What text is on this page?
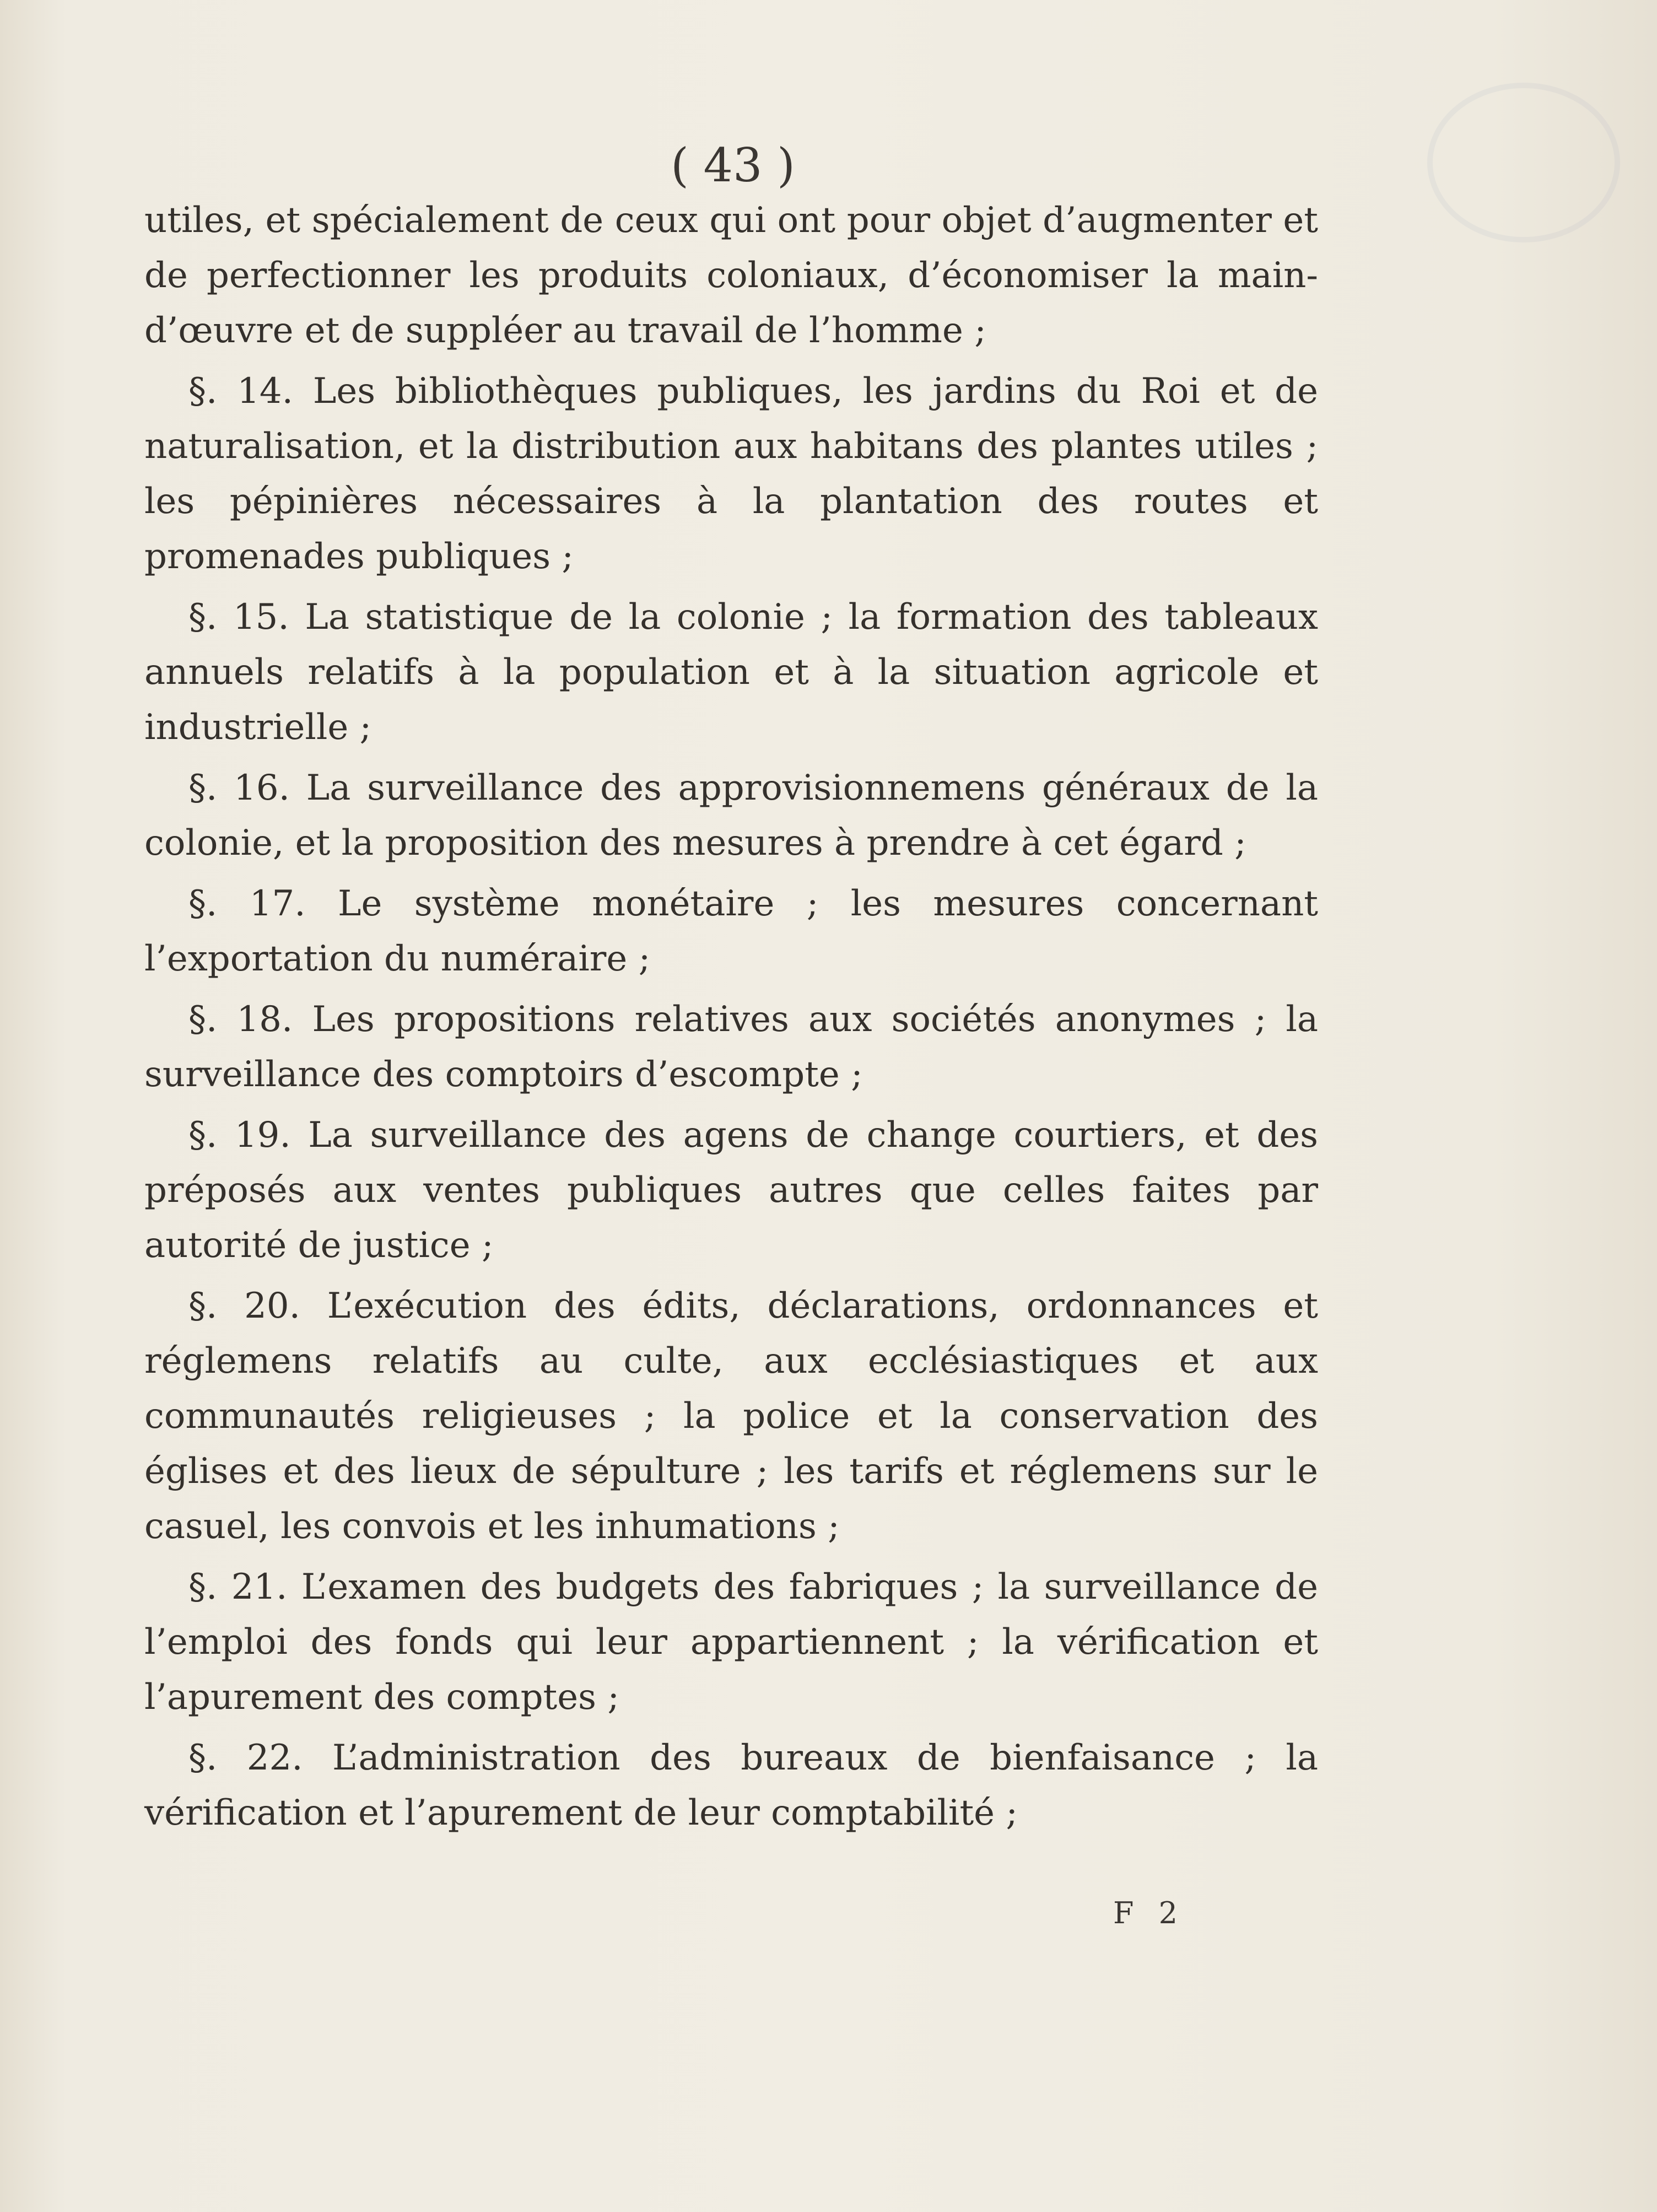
( 43 )

utiles, et spécialement de ceux qui ont pour objet d’augmenter et de perfectionner les produits coloniaux, d’économiser la main-d’œuvre et de suppléer au travail de l’homme ;

§. 14. Les bibliothèques publiques, les jardins du Roi et de naturalisation, et la distribution aux habitans des plantes utiles ; les pépinières nécessaires à la plantation des routes et promenades publiques ;

§. 15. La statistique de la colonie ; la formation des tableaux annuels relatifs à la population et à la situation agricole et industrielle ;

§. 16. La surveillance des approvisionnemens généraux de la colonie, et la proposition des mesures à prendre à cet égard ;

§. 17. Le système monétaire ; les mesures concernant l’exportation du numéraire ;

§. 18. Les propositions relatives aux sociétés anonymes ; la surveillance des comptoirs d’escompte ;

§. 19. La surveillance des agens de change courtiers, et des préposés aux ventes publiques autres que celles faites par autorité de justice ;

§. 20. L’exécution des édits, déclarations, ordonnances et réglemens relatifs au culte, aux ecclésiastiques et aux communautés religieuses ; la police et la conservation des églises et des lieux de sépulture ; les tarifs et réglemens sur le casuel, les convois et les inhumations ;

§. 21. L’examen des budgets des fabriques ; la surveillance de l’emploi des fonds qui leur appartiennent ; la vérification et l’apurement des comptes ;

§. 22. L’administration des bureaux de bienfaisance ; la vérification et l’apurement de leur comptabilité ;

F 2
